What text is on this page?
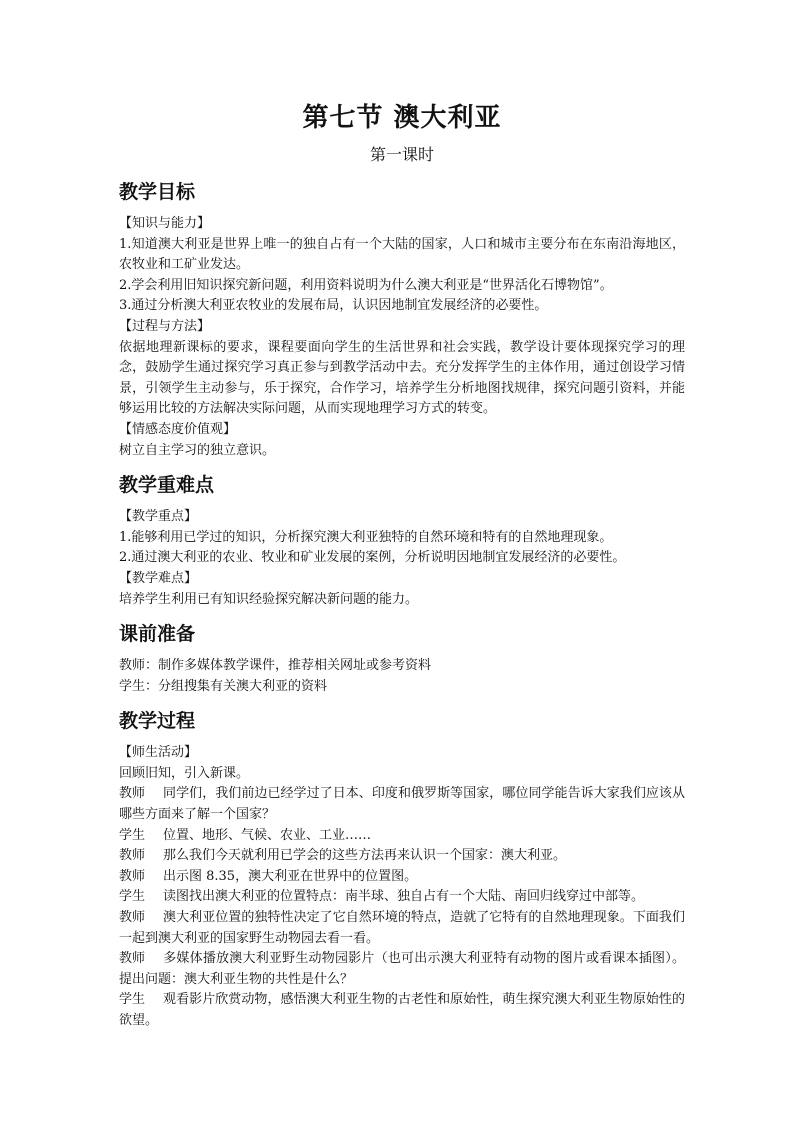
第七节 澳大利亚
第一课时
教学目标

【知识与能力】

1.知道澳大利亚是世界上唯一的独自占有一个大陆的国家，人口和城市主要分布在东南沿海地区，农牧业和工矿业发达。

2.学会利用旧知识探究新问题，利用资料说明为什么澳大利亚是“世界活化石博物馆”。

3.通过分析澳大利亚农牧业的发展布局，认识因地制宜发展经济的必要性。

【过程与方法】

依据地理新课标的要求，课程要面向学生的生活世界和社会实践，教学设计要体现探究学习的理念，鼓励学生通过探究学习真正参与到教学活动中去。充分发挥学生的主体作用，通过创设学习情景，引领学生主动参与，乐于探究，合作学习，培养学生分析地图找规律，探究问题引资料，并能够运用比较的方法解决实际问题，从而实现地理学习方式的转变。

【情感态度价值观】

树立自主学习的独立意识。

教学重难点

【教学重点】

1.能够利用已学过的知识，分析探究澳大利亚独特的自然环境和特有的自然地理现象。

2.通过澳大利亚的农业、牧业和矿业发展的案例，分析说明因地制宜发展经济的必要性。

【教学难点】

培养学生利用已有知识经验探究解决新问题的能力。

课前准备

教师：制作多媒体教学课件，推荐相关网址或参考资料

学生：分组搜集有关澳大利亚的资料

教学过程

【师生活动】

回顾旧知，引入新课。

教师 同学们，我们前边已经学过了日本、印度和俄罗斯等国家，哪位同学能告诉大家我们应该从哪些方面来了解一个国家？

学生 位置、地形、气候、农业、工业……

教师 那么我们今天就利用已学会的这些方法再来认识一个国家：澳大利亚。

教师 出示图 8.35，澳大利亚在世界中的位置图。

学生 读图找出澳大利亚的位置特点：南半球、独自占有一个大陆、南回归线穿过中部等。

教师 澳大利亚位置的独特性决定了它自然环境的特点，造就了它特有的自然地理现象。下面我们一起到澳大利亚的国家野生动物园去看一看。

教师 多媒体播放澳大利亚野生动物园影片（也可出示澳大利亚特有动物的图片或看课本插图）。提出问题：澳大利亚生物的共性是什么？

学生 观看影片欣赏动物，感悟澳大利亚生物的古老性和原始性，萌生探究澳大利亚生物原始性的欲望。
